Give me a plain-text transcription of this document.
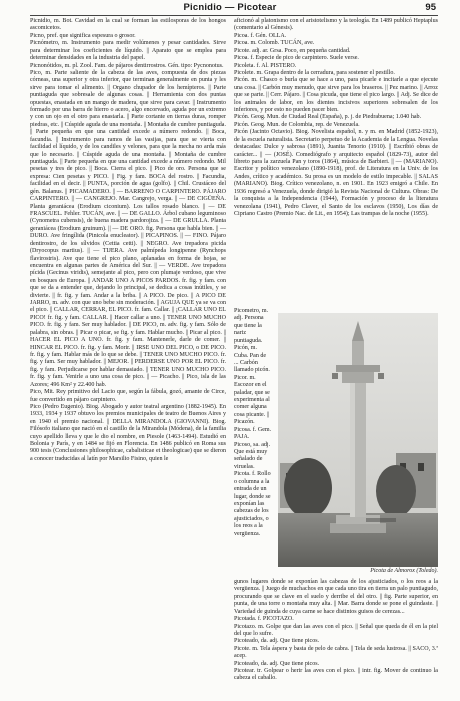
Picnidio — Picotear	95

Picnidio, m. Bot. Cavidad en la cual se forman las estilosporas de los hongos ascomicetos.

Picno, pref. que significa espesura o grosor.

Picnómetro, m. Instrumento para medir volúmenes y pesar cantidades. Sirve para determinar los coeficientes de líquido. || Aparato que se emplea para determinar densidades en la industria del papel.

Picnonótidos, m. pl. Zool. Fam. de pájaros dentirrostros. Gén. tipo: Pycnonotus.

Pico, m. Parte saliente de la cabeza de las aves, compuesta de dos piezas córneas, una superior y otra inferior, que terminan generalmente en punta y les sirve para tomar el alimento. || Organo chupador de los hemípteros. || Parte puntiaguda que sobresale de algunas cosas. || Herramienta con dos puntas opuestas, enastada en un mango de madera, que sirve para cavar. || Instrumento formado por una barra de hierro o acero, algo encorvado, aguda por un extremo y con un ojo en el otro para enastarla. || Parte cortante en tierras duras, romper piedras, etc. || Cúspide aguda de una montaña. || Montaña de cumbre puntiaguda. || Parte pequeña en que una cantidad excede a número redondo. || Boca, facundia. || Instrumento para ramos de las vasijas, para que se vierta con facilidad el líquido, y de los candiles y velones, para que la mecha no arda más que lo necesario. || Cúspide aguda de una montaña. || Montaña de cumbre puntiaguda. || Parte pequeña en que una cantidad excede a número redondo. Mil pesetas y tres de pico. || Boca. Cierra el pico. || Pico de oro. Persona que se expresa: Cien pesetas y PICO. || Fig. y fam. BOCA del rostro. || Facundia, facilidad en el decir. || PUNTA, porción de agua (golfo). || Chil. Crustáceo del gén. Balanus. || PICAMADERO. || — BARRENO O CARPINTERO. PÁJARO CARPINTERO. || — CANGREJO. Mar. Cangrejo, verga. || — DE CIGÜEÑA. Planta geraniácea (Erodium ciconium). Los tallos rosado blanco. || — DE FRASCUEL. Fehler. TUCÁN, ave. || — DE GALLO. Árbol cubano leguminoso (Cynometra cubensis), de buena madera pardorojiza. || — DE GRULLA. Planta geraniácea (Erodium gruinum). || — DE ORO. fig. Persona que habla bien. || — DURO. Ave fringílida (Pinicola enucleator). || PICAPINOS. || — FINO. Pájaro dentirostro, de los sílvidos (Cettia cetti). || NEGRO. Ave trepadora picida (Dryocopus martius). || — TIJERA. Ave palmípeda longipenne (Rynchops flavirostris). Ave que tiene el pico plano, aplanadas en forma de hojas, se encuentra en algunas partes de América del Sur. || — VERDE. Ave trepadora pícida (Gecinus viridis), semejante al pico, pero con plumaje verdoso, que vive en bosques de Europa. || ANDAR UNO A PICOS PARDOS. fr. fig. y fam. con que se da a entender que, dejando lo principal, se dedica a cosas inútiles, y se divierte. || fr. fig. y fam. Andar a la briba. || A PICO. De pico. || A PICO DE JARRO, m. adv. con que uno bebe sin moderación. || AGUJA QUE ya se va con el pico. || CALLAR, CERRAR, EL PICO. fr. fam. Callar. || ¡CALLAR UNO EL PICO! fr. fig. y fam. CALLAR. || Hacer callar a uno. || TENER UNO MUCHO PICO. fr. fig. y fam. Ser muy hablador. || DE PICO, m. adv. fig. y fam. Sólo de palabra, sin obras. || Picar o picar, se fig. y fam. Hablar mucho. || Picar al pico. || HACER EL PICO A UNO. fr. fig. y fam. Mantenerle, darle de comer. || HINCAR EL PICO. fr. fig. y fam. Morir. || IRSE UNO DEL PICO, o DE PICO. fr. fig. y fam. Hablar más de lo que se debe. || TENER UNO MUCHO PICO. fr. fig. y fam. Ser muy hablador. || MEJOR. || PERDERSE UNO POR EL PICO. fr. fig. y fam. Perjudicarse por hablar demasiado. || TENER UNO MUCHO PICO. fr. fig. y fam. Venirle a uno una cosa de pico. || — Picacho. || Pico, isla de las Azores; 496 Km² y 22.400 hab.

Pico, Mit. Rey primitivo del Lacio que, según la fábula, gozó, amante de Circe, fue convertido en pájaro carpintero.

Pico (Pedro Eugenio). Biog. Abogado y autor teatral argentino (1882-1945). En 1933, 1934 y 1937 obtuvo los premios municipales de teatro de Buenos Aires y en 1940 el premio nacional. || DELLA MIRANDOLA (GIOVANNI). Biog. Filósofo italiano que nació en el castillo de la Mirandola (Módena), de la familia cuyo apellido lleva y que le dio el nombre, en Piesole (1463-1494). Estudió en Bolonia y París, y en 1484 se fijó en Florencia. En 1486 publicó en Roma sus 900 tesis (Conclusiones philosophicae, cabalisticae et theologicae) que se dieron a conocer traducidas al latín por Marsilio Fisino, quien le

aficionó al platonismo con el aristotelismo y la teología. En 1489 publicó Heptaplus (comentario al Génesis).

Picoa. f. Gén. OLLA.

Picoa. m. Colomb. TUCÁN, ave.

Picote. adj. ar. Grsa. Poco, en pequeña cantidad.

Picoa. f. Especie de pico de carpintero. Suele verse.

Picoleta. f. Al. PISTERO.

Picolete. m. Grapa dentro de la cerradura, para sostener el pestillo.

Picón. m. Chasco o burla que se hace a uno, para picarle e incitarle a que ejecute una cosa. || Carbón muy menudo, que sirve para los braseros. || Pez marino. || Arroz que se parte. || Cerr. Pájaro. || Cosa picuda, que tiene el pico largo. || Adj. Se dice de los animales de labor, en los dientes incisivos superiores sobresalen de los inferiores, y por esto no pueden pacer bien.

Picón. Geog. Mun. de Ciudad Real (España), p. j. de Piedrabuena; 1.040 hab.

Picón. Geog. Mun. de Colombia, rep. de Venezuela.

Picón (Jacinto Octavio). Biog. Novelista español, n. y m. en Madrid (1852-1923), de la escuela naturalista. Secretario perpetuo de la Academia de la Lengua. Novelas destacadas: Dulce y sabrosa (1891), Juanita Tenorio (1910). || Escribió obras de carácter... || — (JOSÉ). Comediógrafo y arquitecto español (1829-73), autor del libreto para la zarzuela Pan y toros (1864), música de Barbieri. || — (MARIANO). Escritor y político venezolano (1890-1918), prof. de Literatura en la Univ. de los Andes, crítico y académico. Su prosa es un modelo de estilo impecable. || SALAS (MARIANO). Biog. Crítico venezolano, n. en 1901. En 1923 emigró a Chile. En 1936 regresó a Venezuela, donde dirigió la Revista Nacional de Cultura. Obras: De la conquista a la Independencia (1944), Formación y proceso de la literatura venezolana (1941), Pedro Claver, el Santo de los esclavos (1950), Los días de Cipriano Castro (Premio Nac. de Lit., en 1954); Las trampas de la noche (1955).

Picometro, m. adj. Persona que tiene la nariz puntiaguda.

Picón, m. Cuba. Pan de ... Carbón llamado picón.

Picor. m. Escozor en el paladar, que se experimenta al comer alguna cosa picante. || Picazón.

Picosa. f. Gem. PAJA.

Picoso, sa. adj. Que está muy señalado de viruelas.

Picota. f. Rollo o columna a la entrada de un lugar, donde se exponían las cabezas de los ajusticiados, o los reos a la vergüenza.

Picota de Almorox (Toledo).

gunos lugares donde se exponían las cabezas de los ajusticiados, o los reos a la vergüenza. || Juego de muchachos en que cada uno tira en tierra un palo puntiagudo, procurando que se clave en el suelo y derribe el del otro. || fig. Parte superior, en punta, de una torre o montaña muy alta. || Mar. Barra donde se pone el guindaste. || Variedad de guinda de cuya carne se hace distintos guisos de cerezas...

Picotada. f. PICOTAZO.

Picotazo. m. Golpe que dan las aves con el pico. || Señal que queda de él en la piel del que lo sufre.

Picoteado, da. adj. Que tiene picos.

Picote. m. Tela áspera y basta de pelo de cabra. || Tela de seda lustrosa. || SACO, 3.ª acep.

Picoteado, da. adj. Que tiene picos.

Picotear. tr. Golpear o herir las aves con el pico. || intr. fig. Mover de continuo la cabeza el caballo.
